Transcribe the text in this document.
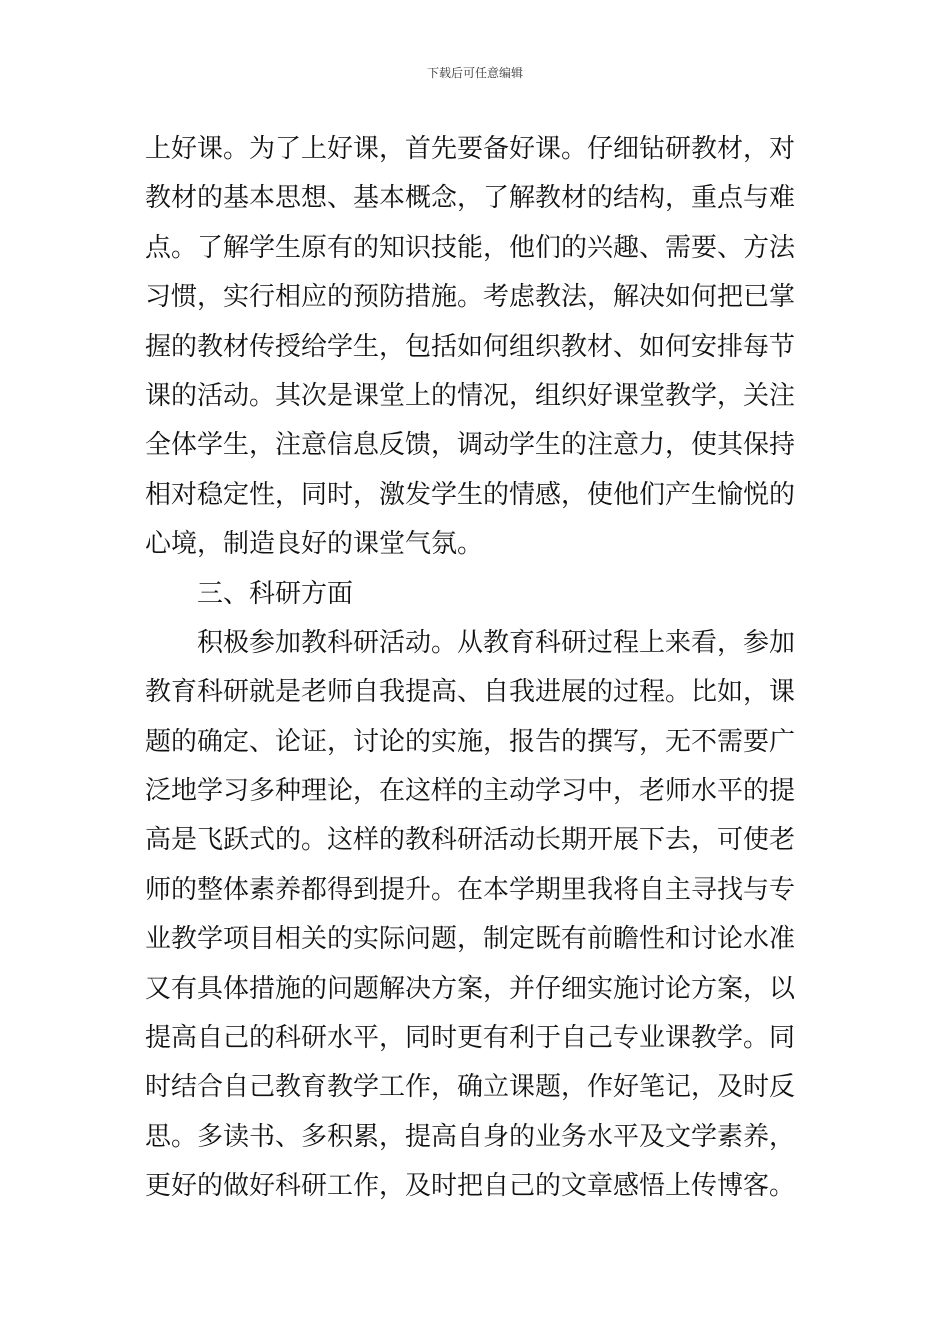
下载后可任意编辑
上好课。为了上好课，首先要备好课。仔细钻研教材，对
教材的基本思想、基本概念，了解教材的结构，重点与难
点。了解学生原有的知识技能，他们的兴趣、需要、方法
习惯，实行相应的预防措施。考虑教法，解决如何把已掌
握的教材传授给学生，包括如何组织教材、如何安排每节
课的活动。其次是课堂上的情况，组织好课堂教学，关注
全体学生，注意信息反馈，调动学生的注意力，使其保持
相对稳定性，同时，激发学生的情感，使他们产生愉悦的
心境，制造良好的课堂气氛。
三、科研方面
积极参加教科研活动。从教育科研过程上来看，参加
教育科研就是老师自我提高、自我进展的过程。比如，课
题的确定、论证，讨论的实施，报告的撰写，无不需要广
泛地学习多种理论，在这样的主动学习中，老师水平的提
高是飞跃式的。这样的教科研活动长期开展下去，可使老
师的整体素养都得到提升。在本学期里我将自主寻找与专
业教学项目相关的实际问题，制定既有前瞻性和讨论水准
又有具体措施的问题解决方案，并仔细实施讨论方案，以
提高自己的科研水平，同时更有利于自己专业课教学。同
时结合自己教育教学工作，确立课题，作好笔记，及时反
思。多读书、多积累，提高自身的业务水平及文学素养，
更好的做好科研工作，及时把自己的文章感悟上传博客。
